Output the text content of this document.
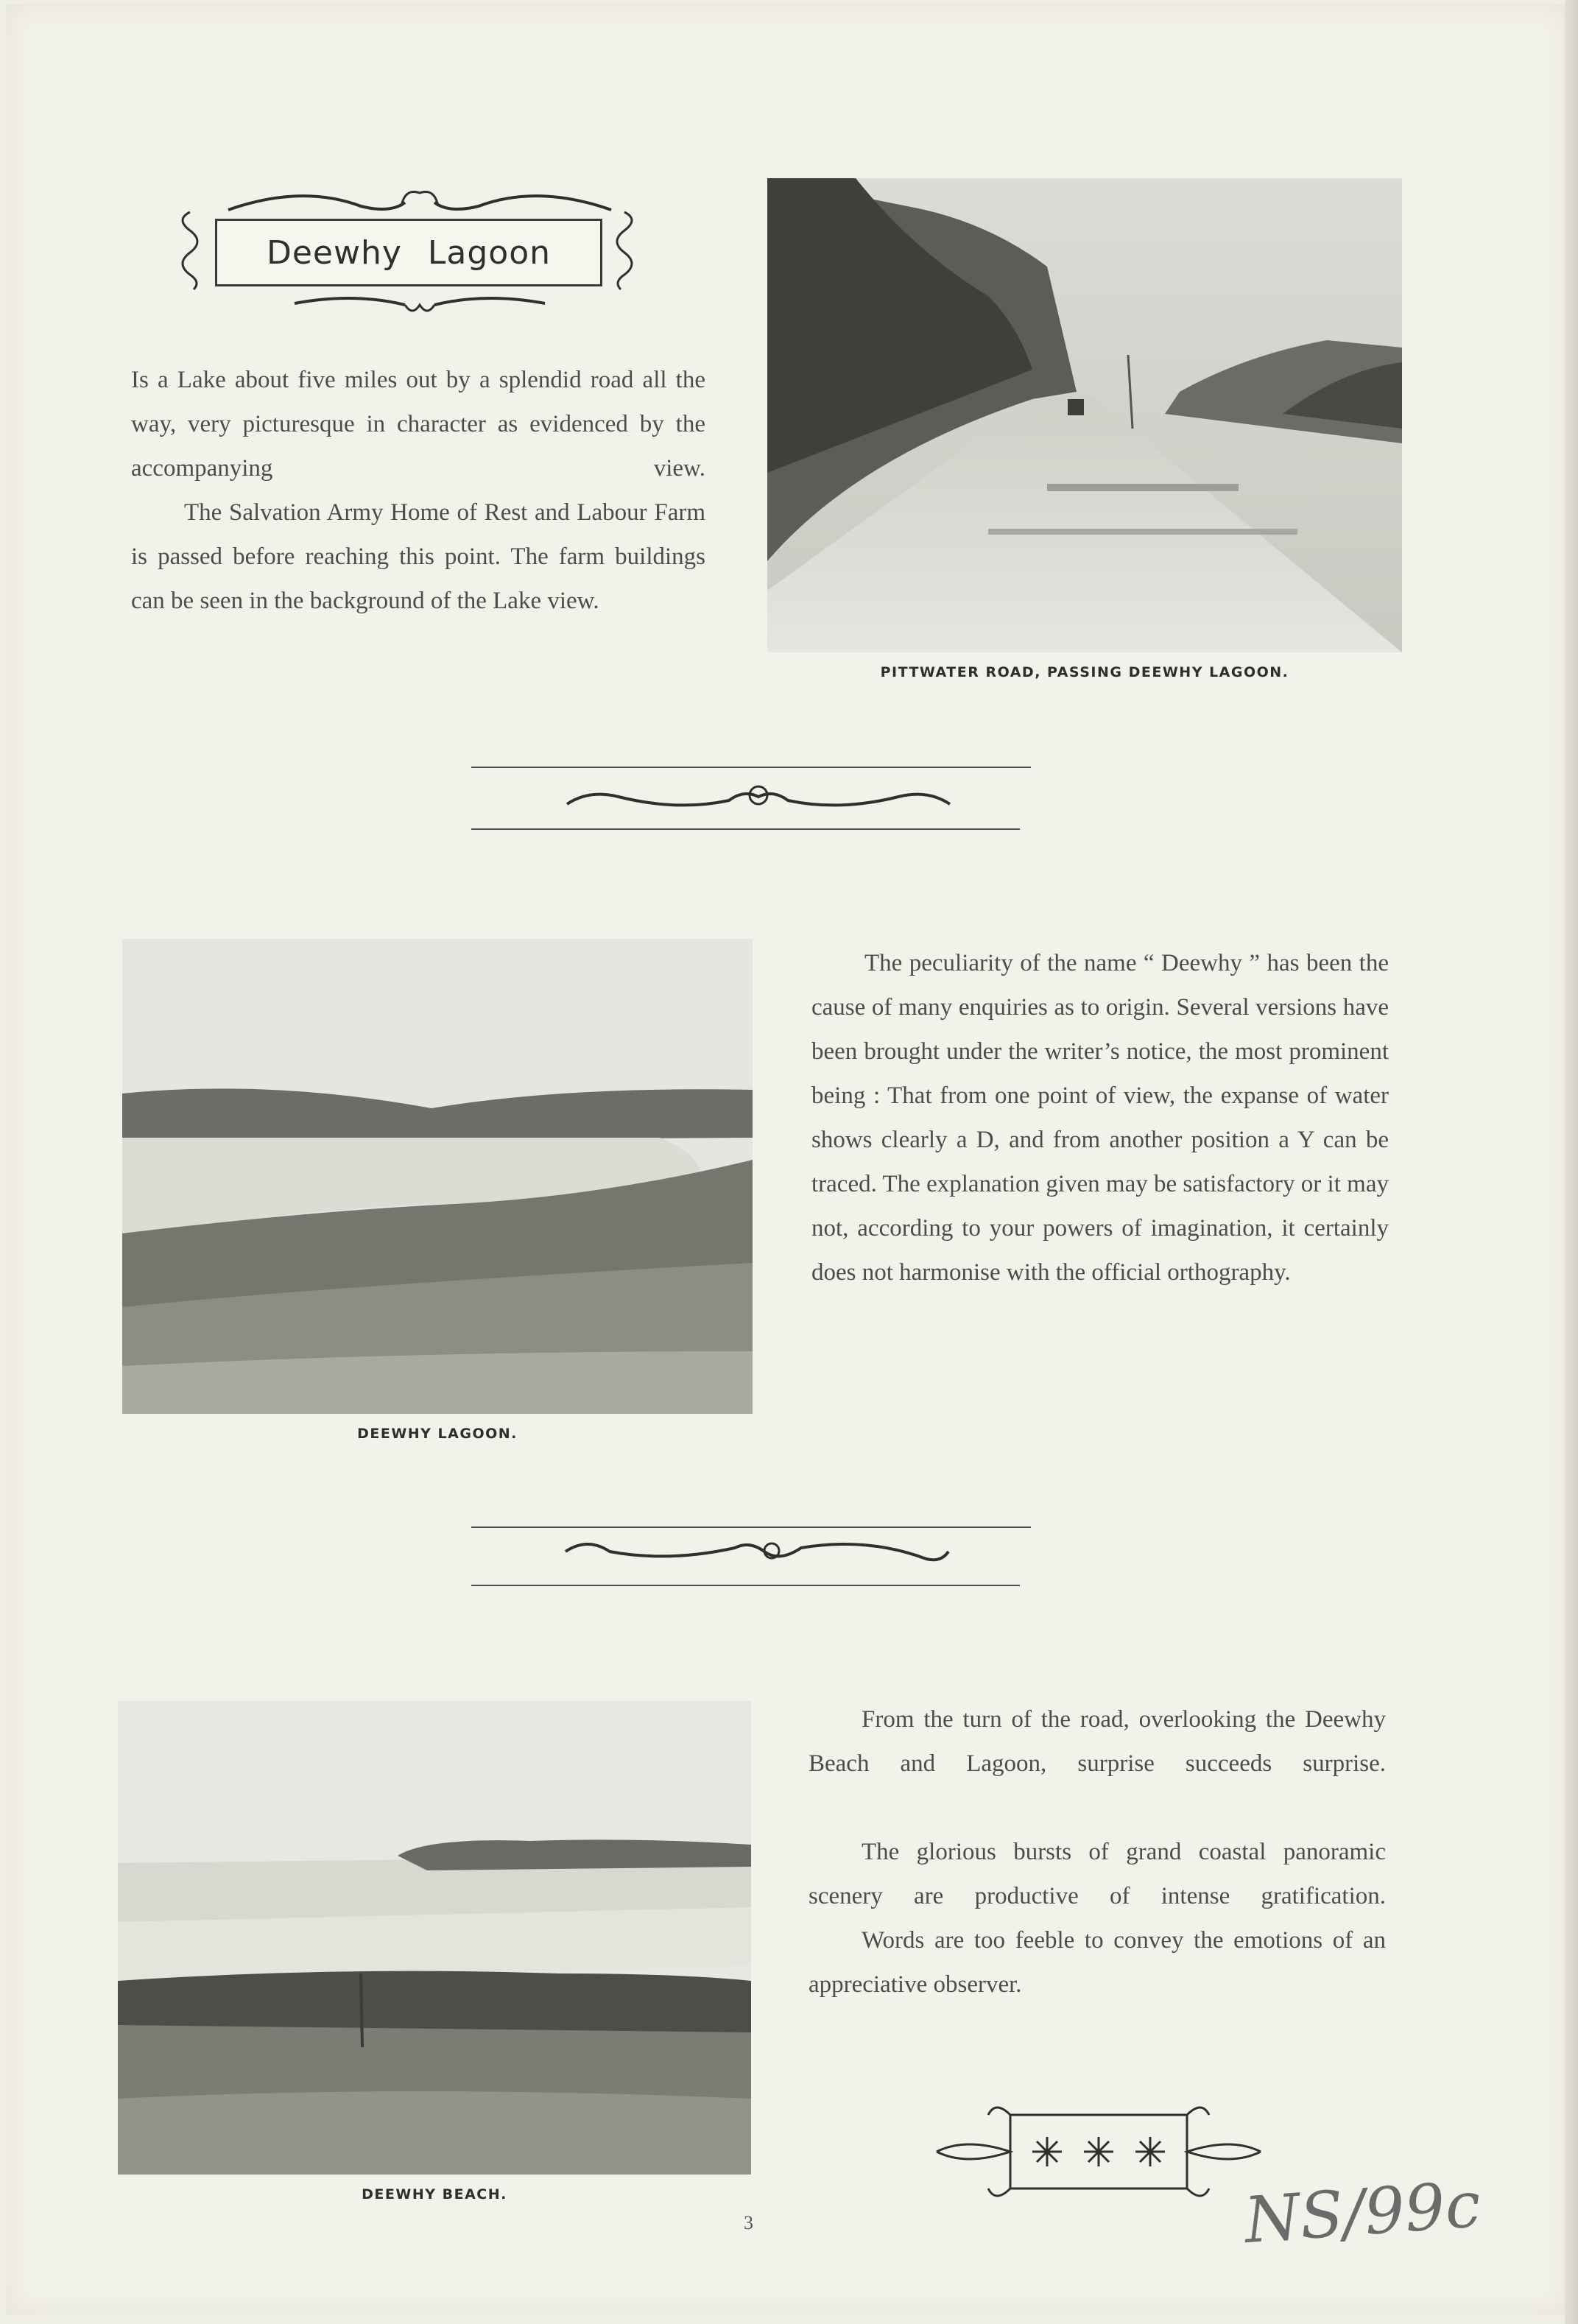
Deewhy Lagoon

Is a Lake about five miles out by a splendid road all the way, very picturesque in character as evidenced by the accompanying view.

The Salvation Army Home of Rest and Labour Farm is passed before reaching this point. The farm buildings can be seen in the background of the Lake view.

PITTWATER ROAD, PASSING DEEWHY LAGOON.
DEEWHY LAGOON.

The peculiarity of the name “ Deewhy ” has been the cause of many enquiries as to origin. Several versions have been brought under the writer’s notice, the most prominent being : That from one point of view, the expanse of water shows clearly a D, and from another position a Y can be traced. The explanation given may be satisfactory or it may not, according to your powers of imagination, it certainly does not harmonise with the official orthography.

DEEWHY BEACH.

From the turn of the road, overlooking the Deewhy Beach and Lagoon, surprise succeeds surprise.

The glorious bursts of grand coastal panoramic scenery are productive of intense gratification.

Words are too feeble to convey the emotions of an appreciative observer.

3	NS/99c
